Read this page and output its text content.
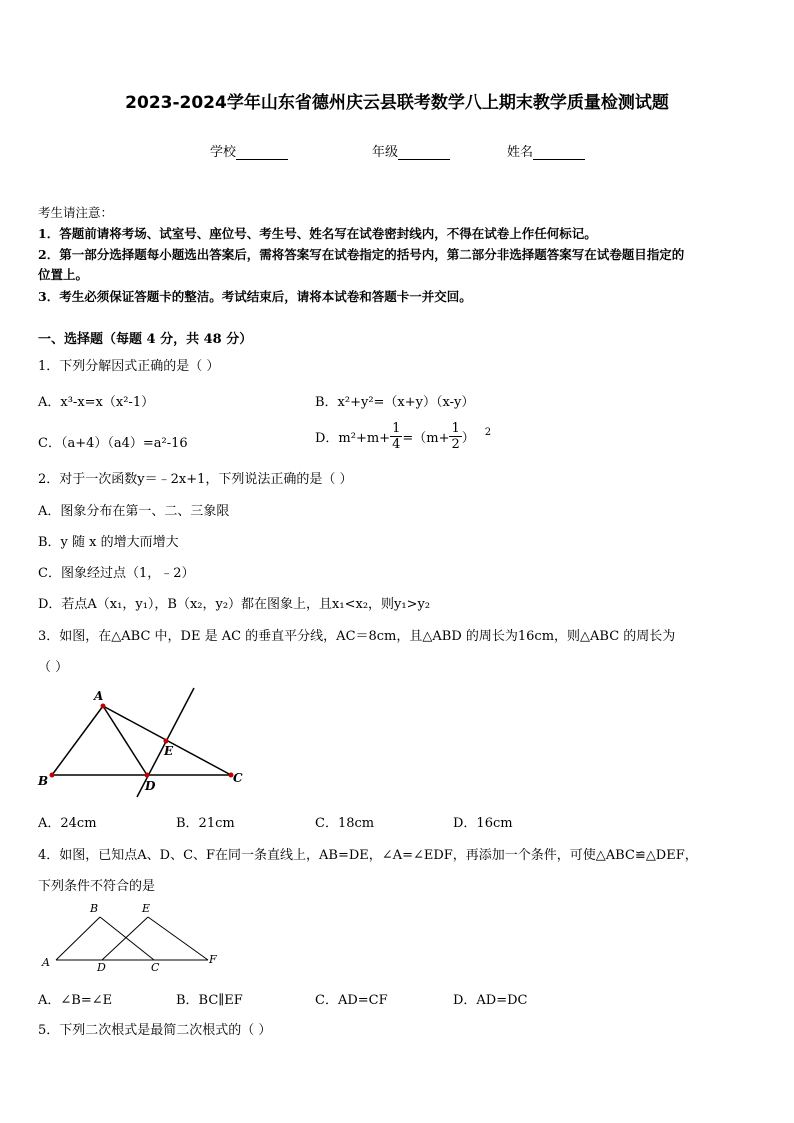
2023-2024学年山东省德州庆云县联考数学八上期末教学质量检测试题
学校	年级	姓名
考生请注意：
1．答题前请将考场、试室号、座位号、考生号、姓名写在试卷密封线内，不得在试卷上作任何标记。
2．第一部分选择题每小题选出答案后，需将答案写在试卷指定的括号内，第二部分非选择题答案写在试卷题目指定的
位置上。
3．考生必须保证答题卡的整洁。考试结束后，请将本试卷和答题卡一并交回。
一、选择题（每题 4 分，共 48 分）
1．下列分解因式正确的是（ ）
A．x³-x=x（x²-1）	B．x²+y²=（x+y）（x-y）
C．（a+4）（a4）=a²-16	D．$m^2+m+ \frac{1}{4} =(m+ \frac{1}{2}$ ） $^2$
2．对于一次函数y＝﹣2x+1，下列说法正确的是（ ）
A．图象分布在第一、二、三象限
B．y 随 x 的增大而增大
C．图象经过点（1，﹣2）
D．若点A（x₁，y₁），B（x₂，y₂）都在图象上，且x₁<x₂，则y₁>y₂
3．如图，在△ABC 中，DE 是 AC 的垂直平分线，AC＝8cm，且△ABD 的周长为16cm，则△ABC 的周长为
（ ）
A
B	C
D
E
A．24cm	B．21cm	C．18cm	D．16cm
4．如图，已知点A、D、C、F在同一条直线上，AB=DE，∠A=∠EDF，再添加一个条件，可使△ABC≌△DEF，
下列条件不符合的是
A
B
C
D
E
F
A．∠B=∠E	B．BC∥EF	C．AD=CF	D．AD=DC
5．下列二次根式是最简二次根式的（ ）
